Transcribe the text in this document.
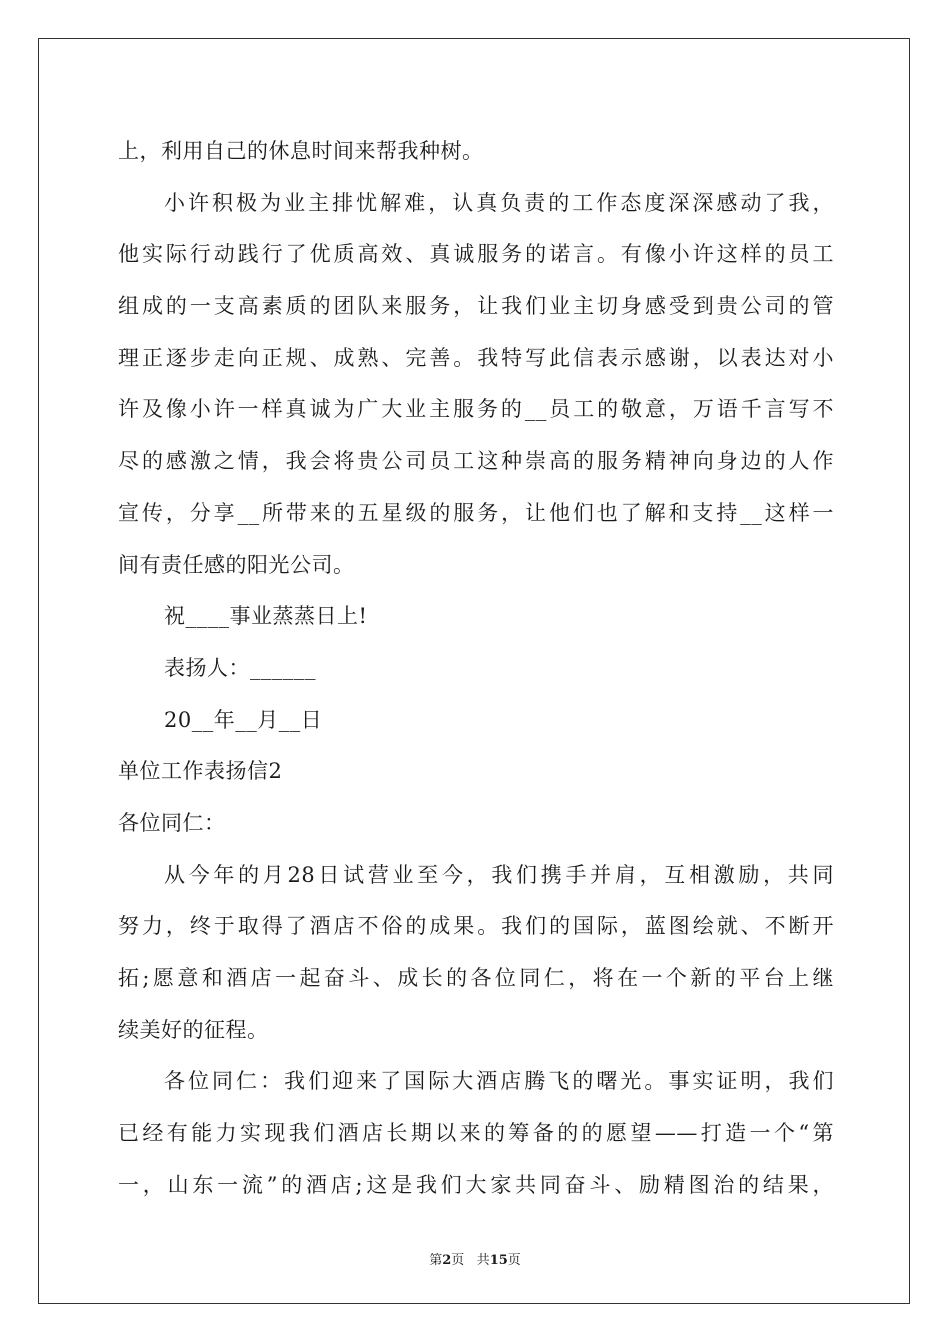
上，利用自己的休息时间来帮我种树。
小许积极为业主排忧解难，认真负责的工作态度深深感动了我，
他实际行动践行了优质高效、真诚服务的诺言。有像小许这样的员工
组成的一支高素质的团队来服务，让我们业主切身感受到贵公司的管
理正逐步走向正规、成熟、完善。我特写此信表示感谢，以表达对小
许及像小许一样真诚为广大业主服务的__员工的敬意，万语千言写不
尽的感激之情，我会将贵公司员工这种崇高的服务精神向身边的人作
宣传，分享__所带来的五星级的服务，让他们也了解和支持__这样一
间有责任感的阳光公司。
祝____事业蒸蒸日上!
表扬人：______
20__年__月__日
单位工作表扬信2
各位同仁：
从今年的月28日试营业至今，我们携手并肩，互相激励，共同
努力，终于取得了酒店不俗的成果。我们的国际，蓝图绘就、不断开
拓;愿意和酒店一起奋斗、成长的各位同仁，将在一个新的平台上继
续美好的征程。
各位同仁：我们迎来了国际大酒店腾飞的曙光。事实证明，我们
已经有能力实现我们酒店长期以来的筹备的的愿望——打造一个“第
一，山东一流”的酒店;这是我们大家共同奋斗、励精图治的结果，
第2页 共15页
